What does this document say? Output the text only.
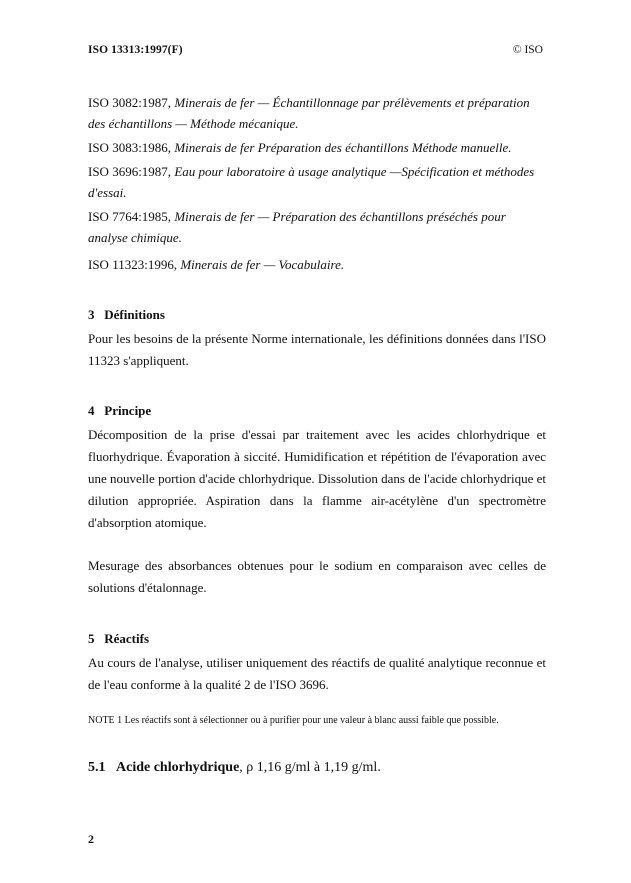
ISO 13313:1997(F)	© ISO
ISO 3082:1987, Minerais de fer — Échantillonnage par prélèvements et préparation des échantillons — Méthode mécanique.
ISO 3083:1986, Minerais de fer Préparation des échantillons Méthode manuelle.
ISO 3696:1987, Eau pour laboratoire à usage analytique —Spécification et méthodes d'essai.
ISO 7764:1985, Minerais de fer — Préparation des échantillons préséchés pour analyse chimique.
ISO 11323:1996, Minerais de fer — Vocabulaire.
3 Définitions
Pour les besoins de la présente Norme internationale, les définitions données dans l'ISO 11323 s'appliquent.
4 Principe
Décomposition de la prise d'essai par traitement avec les acides chlorhydrique et fluorhydrique. Évaporation à siccité. Humidification et répétition de l'évaporation avec une nouvelle portion d'acide chlorhydrique. Dissolution dans de l'acide chlorhydrique et dilution appropriée. Aspiration dans la flamme air-acétylène d'un spectromètre d'absorption atomique.
Mesurage des absorbances obtenues pour le sodium en comparaison avec celles de solutions d'étalonnage.
5 Réactifs
Au cours de l'analyse, utiliser uniquement des réactifs de qualité analytique reconnue et de l'eau conforme à la qualité 2 de l'ISO 3696.
NOTE 1 Les réactifs sont à sélectionner ou à purifier pour une valeur à blanc aussi faible que possible.
5.1 Acide chlorhydrique, ρ 1,16 g/ml à 1,19 g/ml.
2
